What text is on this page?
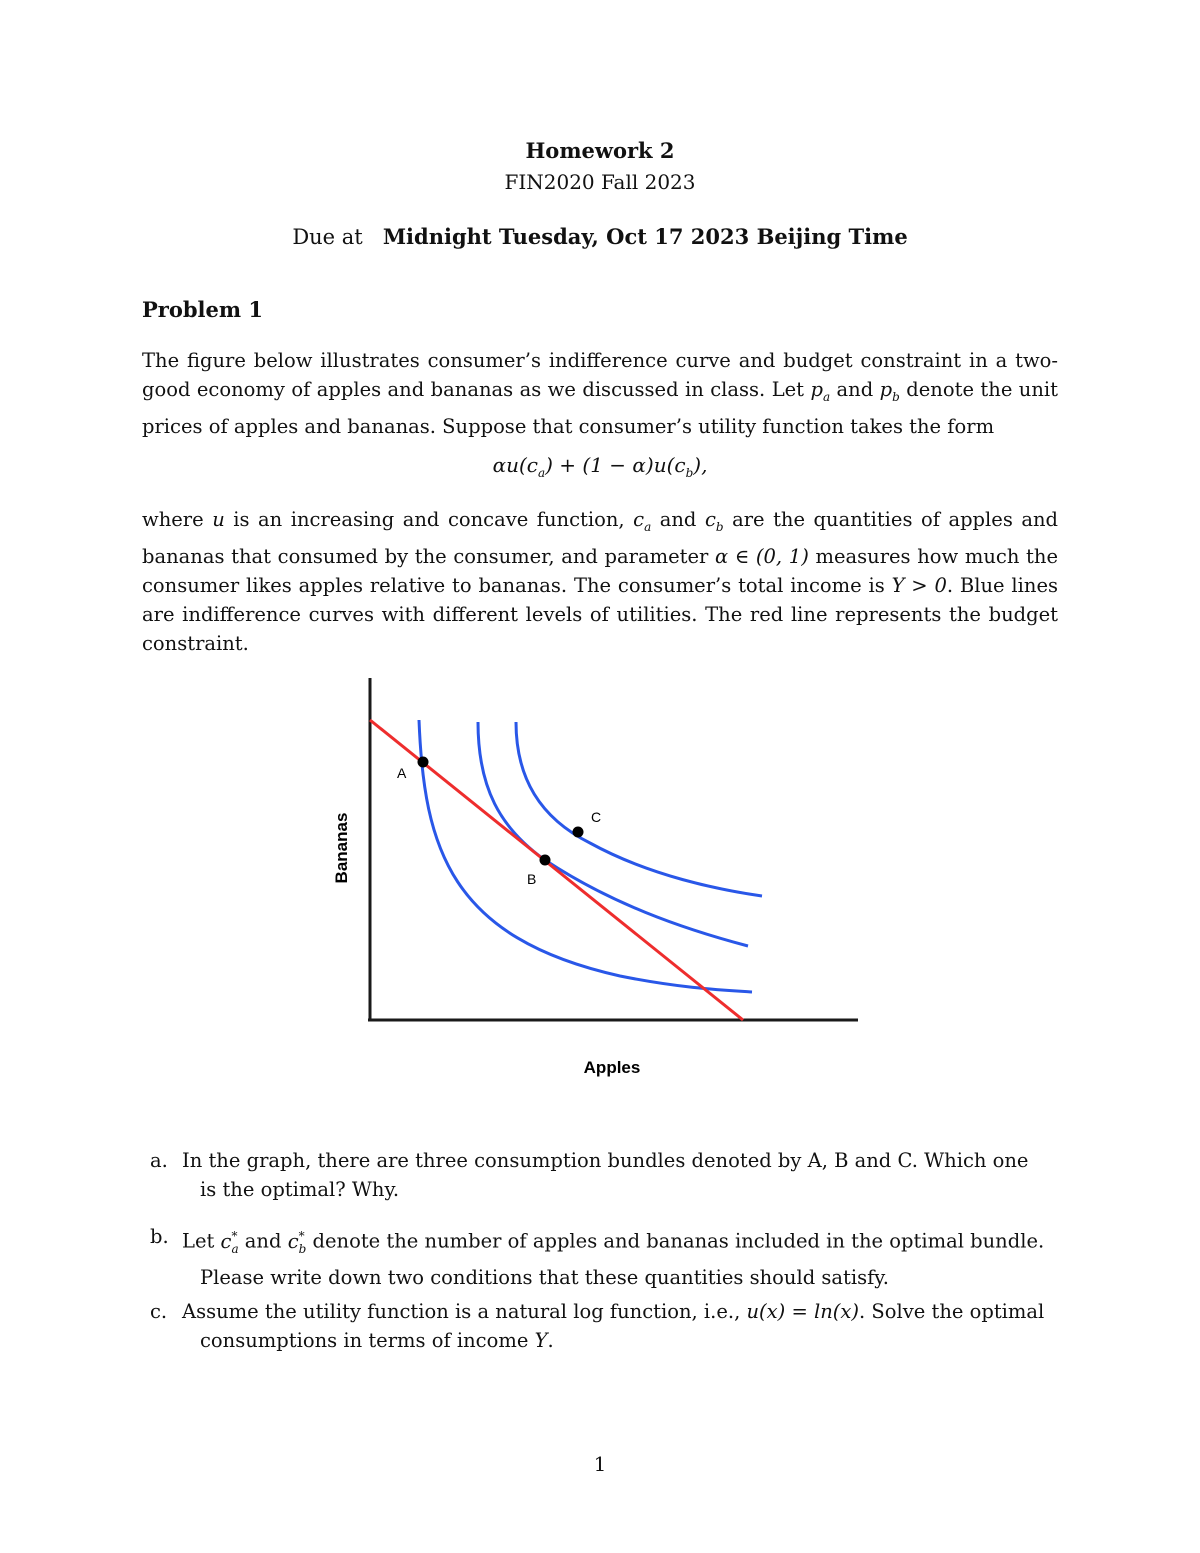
Homework 2
FIN2020 Fall 2023
Due at Midnight Tuesday, Oct 17 2023 Beijing Time
Problem 1
The figure below illustrates consumer’s indifference curve and budget constraint in a two-good economy of apples and bananas as we discussed in class. Let $p_a$ and $p_b$ denote the unit prices of apples and bananas. Suppose that consumer’s utility function takes the form
$\alpha u(c_a) + (1 - \alpha)u(c_b)$,
where u is an increasing and concave function, $c_a$ and $c_b$ are the quantities of apples and bananas that consumed by the consumer, and parameter α ∈ (0, 1) measures how much the consumer likes apples relative to bananas. The consumer’s total income is Y > 0. Blue lines are indifference curves with different levels of utilities. The red line represents the budget constraint.
A
B
C
Apples
Bananas
a. In the graph, there are three consumption bundles denoted by A, B and C. Which one
is the optimal? Why.
b. Let $c^*_a$ and $c^*_b$ denote the number of apples and bananas included in the optimal bundle.
Please write down two conditions that these quantities should satisfy.
c. Assume the utility function is a natural log function, i.e., u(x) = ln(x). Solve the optimal
consumptions in terms of income Y.
1
